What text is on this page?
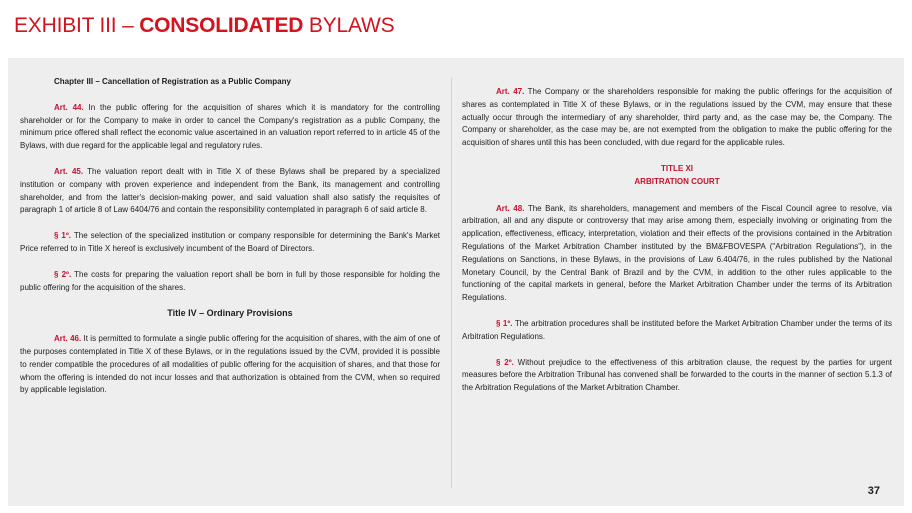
EXHIBIT III – CONSOLIDATED BYLAWS

Chapter III – Cancellation of Registration as a Public Company

Art. 44. In the public offering for the acquisition of shares which it is mandatory for the controlling shareholder or for the Company to make in order to cancel the Company's registration as a public Company, the minimum price offered shall reflect the economic value ascertained in an valuation report referred to in article 45 of the Bylaws, with due regard for the applicable legal and regulatory rules.

Art. 45. The valuation report dealt with in Title X of these Bylaws shall be prepared by a specialized institution or company with proven experience and independent from the Bank, its management and controlling shareholder, and from the latter's decision-making power, and said valuation shall also satisfy the requisites of paragraph 1 of article 8 of Law 6404/76 and contain the responsibility contemplated in paragraph 6 of said article 8.

§ 1º. The selection of the specialized institution or company responsible for determining the Bank's Market Price referred to in Title X hereof is exclusively incumbent of the Board of Directors.

§ 2º. The costs for preparing the valuation report shall be born in full by those responsible for holding the public offering for the acquisition of the shares.

Title IV – Ordinary Provisions

Art. 46. It is permitted to formulate a single public offering for the acquisition of shares, with the aim of one of the purposes contemplated in Title X of these Bylaws, or in the regulations issued by the CVM, provided it is possible to render compatible the procedures of all modalities of public offering for the acquisition of shares, and that those for whom the offering is intended do not incur losses and that authorization is obtained from the CVM, when so required by applicable legislation.

Art. 47. The Company or the shareholders responsible for making the public offerings for the acquisition of shares as contemplated in Title X of these Bylaws, or in the regulations issued by the CVM, may ensure that these actually occur through the intermediary of any shareholder, third party and, as the case may be, the Company. The Company or shareholder, as the case may be, are not exempted from the obligation to make the public offering for the acquisition of shares until this has been concluded, with due regard for the applicable rules.

TITLE XI

ARBITRATION COURT

Art. 48. The Bank, its shareholders, management and members of the Fiscal Council agree to resolve, via arbitration, all and any dispute or controversy that may arise among them, especially involving or originating from the application, effectiveness, efficacy, interpretation, violation and their effects of the provisions contained in the Arbitration Regulations of the Market Arbitration Chamber instituted by the BM&FBOVESPA ("Arbitration Regulations"), in the Regulations on Sanctions, in these Bylaws, in the provisions of Law 6.404/76, in the rules published by the National Monetary Council, by the Central Bank of Brazil and by the CVM, in addition to the other rules applicable to the functioning of the capital markets in general, before the Market Arbitration Chamber under the terms of its Arbitration Regulations.

§ 1º. The arbitration procedures shall be instituted before the Market Arbitration Chamber under the terms of its Arbitration Regulations.

§ 2º. Without prejudice to the effectiveness of this arbitration clause, the request by the parties for urgent measures before the Arbitration Tribunal has convened shall be forwarded to the courts in the manner of section 5.1.3 of the Arbitration Regulations of the Market Arbitration Chamber.

37
